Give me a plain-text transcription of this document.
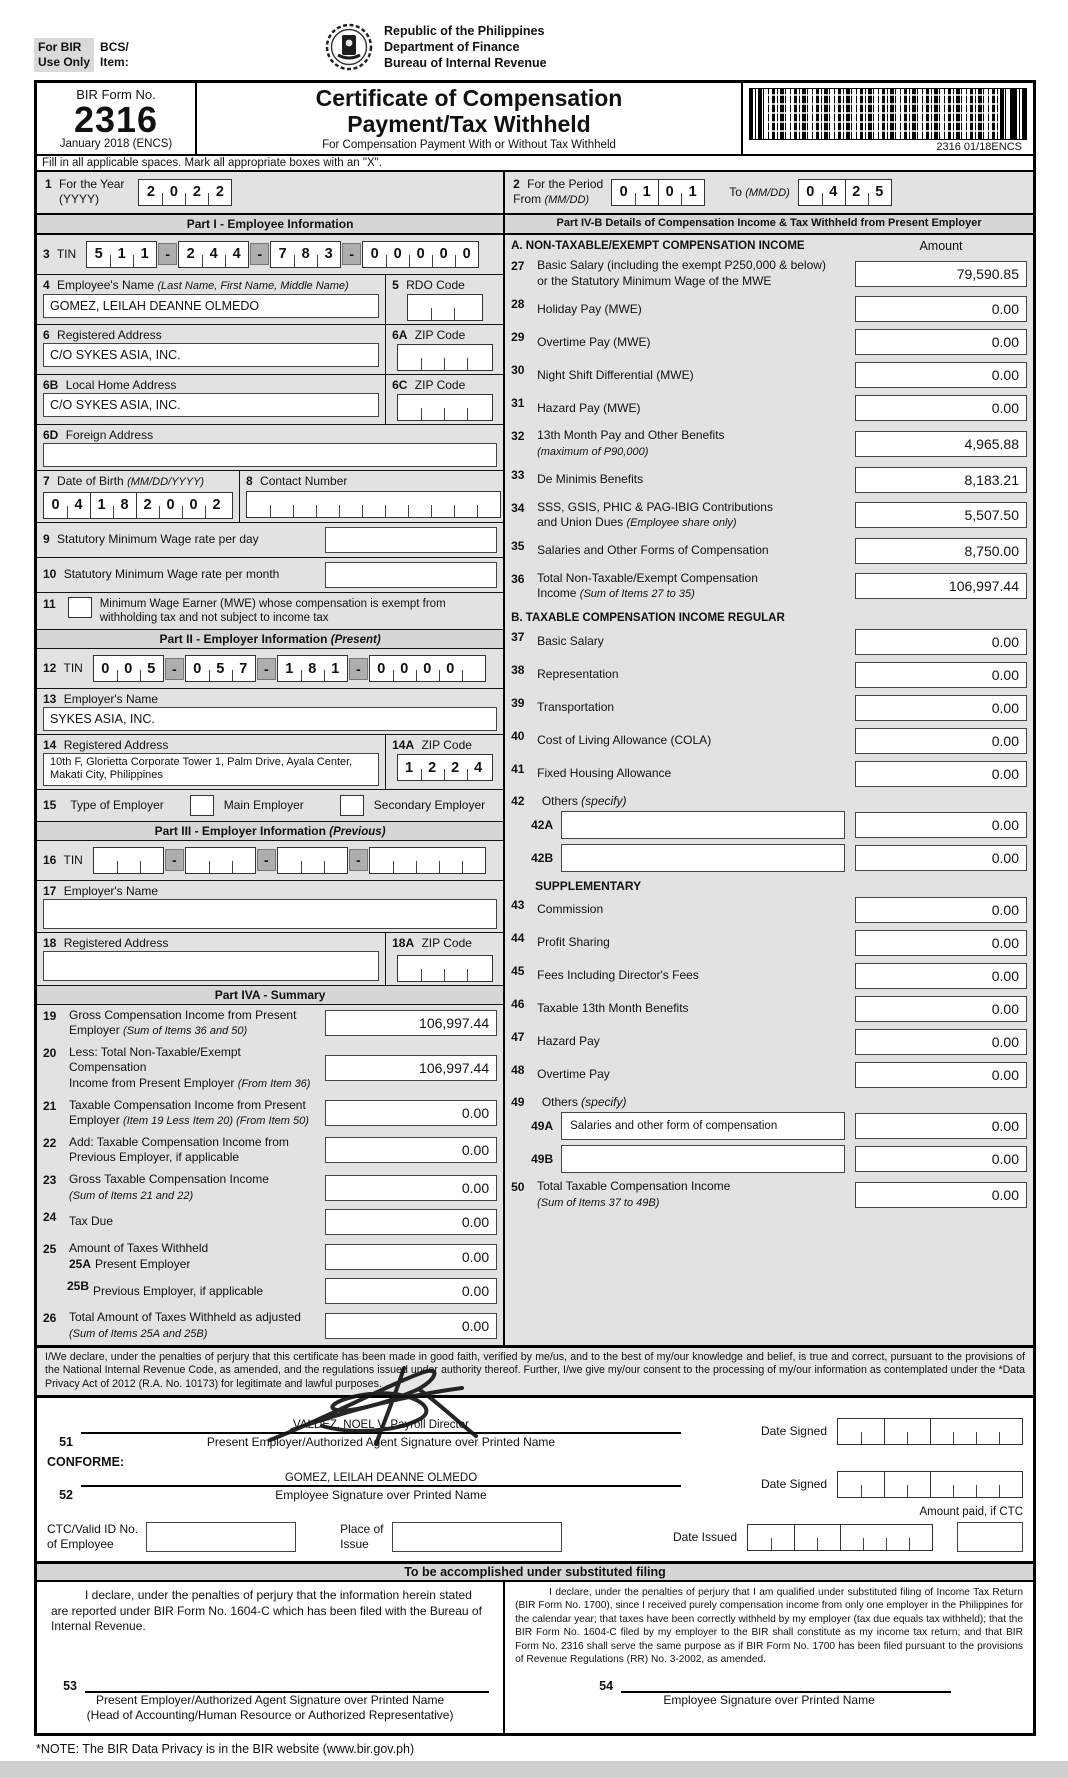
For BIR
Use Only
BCS/
Item:
Republic of the Philippines
Department of Finance
Bureau of Internal Revenue
BIR Form No.
2316
January 2018 (ENCS)
Certificate of Compensation
Payment/Tax Withheld
For Compensation Payment With or Without Tax Withheld	2316 01/18ENCS
Fill in all applicable spaces. Mark all appropriate boxes with an "X".
1 For the Year
(YYYY)	2	0	2	2
2 For the Period
From (MM/DD)	0	1	0	1	To (MM/DD)	0	4	2	5
Part I - Employee Information	Part IV-B Details of Compensation Income & Tax Withheld from Present Employer
3 TIN	5	1	1	-	2	4	4	-	7	8	3	-	0	0	0	0	0
4 Employee's Name (Last Name, First Name, Middle Name)
GOMEZ, LEILAH DEANNE OLMEDO
5 RDO Code
6 Registered Address
C/O SYKES ASIA, INC.
6A ZIP Code
6B Local Home Address
C/O SYKES ASIA, INC.
6C ZIP Code
6D Foreign Address
7 Date of Birth (MM/DD/YYYY)
0	4	1	8	2	0	0	2
8 Contact Number
9 Statutory Minimum Wage rate per day
10 Statutory Minimum Wage rate per month
11	Minimum Wage Earner (MWE) whose compensation is exempt from
withholding tax and not subject to income tax
Part II - Employer Information (Present)
12 TIN	0	0	5	-	0	5	7	-	1	8	1	-	0	0	0	0
13 Employer's Name
SYKES ASIA, INC.
14 Registered Address
10th F, Glorietta Corporate Tower 1, Palm Drive, Ayala Center, Makati City, Philippines
14A ZIP Code
1	2	2	4
15 Type of Employer	Main Employer	Secondary Employer
Part III - Employer Information (Previous)
16 TIN	-	-	-
17 Employer's Name
18 Registered Address	18A ZIP Code
Part IVA - Summary
19	Gross Compensation Income from Present
Employer (Sum of Items 36 and 50)	106,997.44
20	Less: Total Non-Taxable/Exempt Compensation
Income from Present Employer (From Item 36)
106,997.44
21	Taxable Compensation Income from Present
Employer (Item 19 Less Item 20) (From Item 50)	0.00
22	Add: Taxable Compensation Income from
Previous Employer, if applicable	0.00
23	Gross Taxable Compensation Income
(Sum of Items 21 and 22)	0.00
24	Tax Due	0.00
25	Amount of Taxes Withheld
25A Present Employer	0.00
25B Previous Employer, if applicable	0.00
26	Total Amount of Taxes Withheld as adjusted
(Sum of Items 25A and 25B)	0.00
A. NON-TAXABLE/EXEMPT COMPENSATION INCOME	Amount
27	Basic Salary (including the exempt P250,000 & below)
or the Statutory Minimum Wage of the MWE	79,590.85
28	Holiday Pay (MWE)	0.00
29	Overtime Pay (MWE)	0.00
30	Night Shift Differential (MWE)	0.00
31	Hazard Pay (MWE)	0.00
32	13th Month Pay and Other Benefits
(maximum of P90,000)	4,965.88
33	De Minimis Benefits	8,183.21
34	SSS, GSIS, PHIC & PAG-IBIG Contributions
and Union Dues (Employee share only)	5,507.50
35	Salaries and Other Forms of Compensation	8,750.00
36	Total Non-Taxable/Exempt Compensation
Income (Sum of Items 27 to 35)	106,997.44
B. TAXABLE COMPENSATION INCOME REGULAR
37	Basic Salary	0.00
38	Representation	0.00
39	Transportation	0.00
40	Cost of Living Allowance (COLA)	0.00
41	Fixed Housing Allowance	0.00
42 Others (specify)
42A	0.00
42B	0.00
SUPPLEMENTARY
43	Commission	0.00
44	Profit Sharing	0.00
45	Fees Including Director's Fees	0.00
46	Taxable 13th Month Benefits	0.00
47	Hazard Pay	0.00
48	Overtime Pay	0.00
49 Others (specify)
49A	Salaries and other form of compensation	0.00
49B	0.00
50	Total Taxable Compensation Income
(Sum of Items 37 to 49B)	0.00
I/We declare, under the penalties of perjury that this certificate has been made in good faith, verified by me/us, and to the best of my/our knowledge and belief, is true and correct, pursuant to the provisions of the National Internal Revenue Code, as amended, and the regulations issued under authority thereof. Further, I/we give my/our consent to the processing of my/our information as contemplated under the *Data Privacy Act of 2012 (R.A. No. 10173) for legitimate and lawful purposes.
51
VALDEZ, NOEL V. Payroll Director
Present Employer/Authorized Agent Signature over Printed Name
Date Signed
CONFORME:
52
GOMEZ, LEILAH DEANNE OLMEDO
Employee Signature over Printed Name
Date Signed
Amount paid, if CTC
CTC/Valid ID No.
of Employee
Place of
Issue	Date Issued
To be accomplished under substituted filing
I declare, under the penalties of perjury that the information herein stated are reported under BIR Form No. 1604-C which has been filed with the Bureau of Internal Revenue.
53
Present Employer/Authorized Agent Signature over Printed Name
(Head of Accounting/Human Resource or Authorized Representative)
I declare, under the penalties of perjury that I am qualified under substituted filing of Income Tax Return (BIR Form No. 1700), since I received purely compensation income from only one employer in the Philippines for the calendar year; that taxes have been correctly withheld by my employer (tax due equals tax withheld); that the BIR Form No. 1604-C filed by my employer to the BIR shall constitute as my income tax return; and that BIR Form No. 2316 shall serve the same purpose as if BIR Form No. 1700 has been filed pursuant to the provisions of Revenue Regulations (RR) No. 3-2002, as amended.
54
Employee Signature over Printed Name
*NOTE: The BIR Data Privacy is in the BIR website (www.bir.gov.ph)
